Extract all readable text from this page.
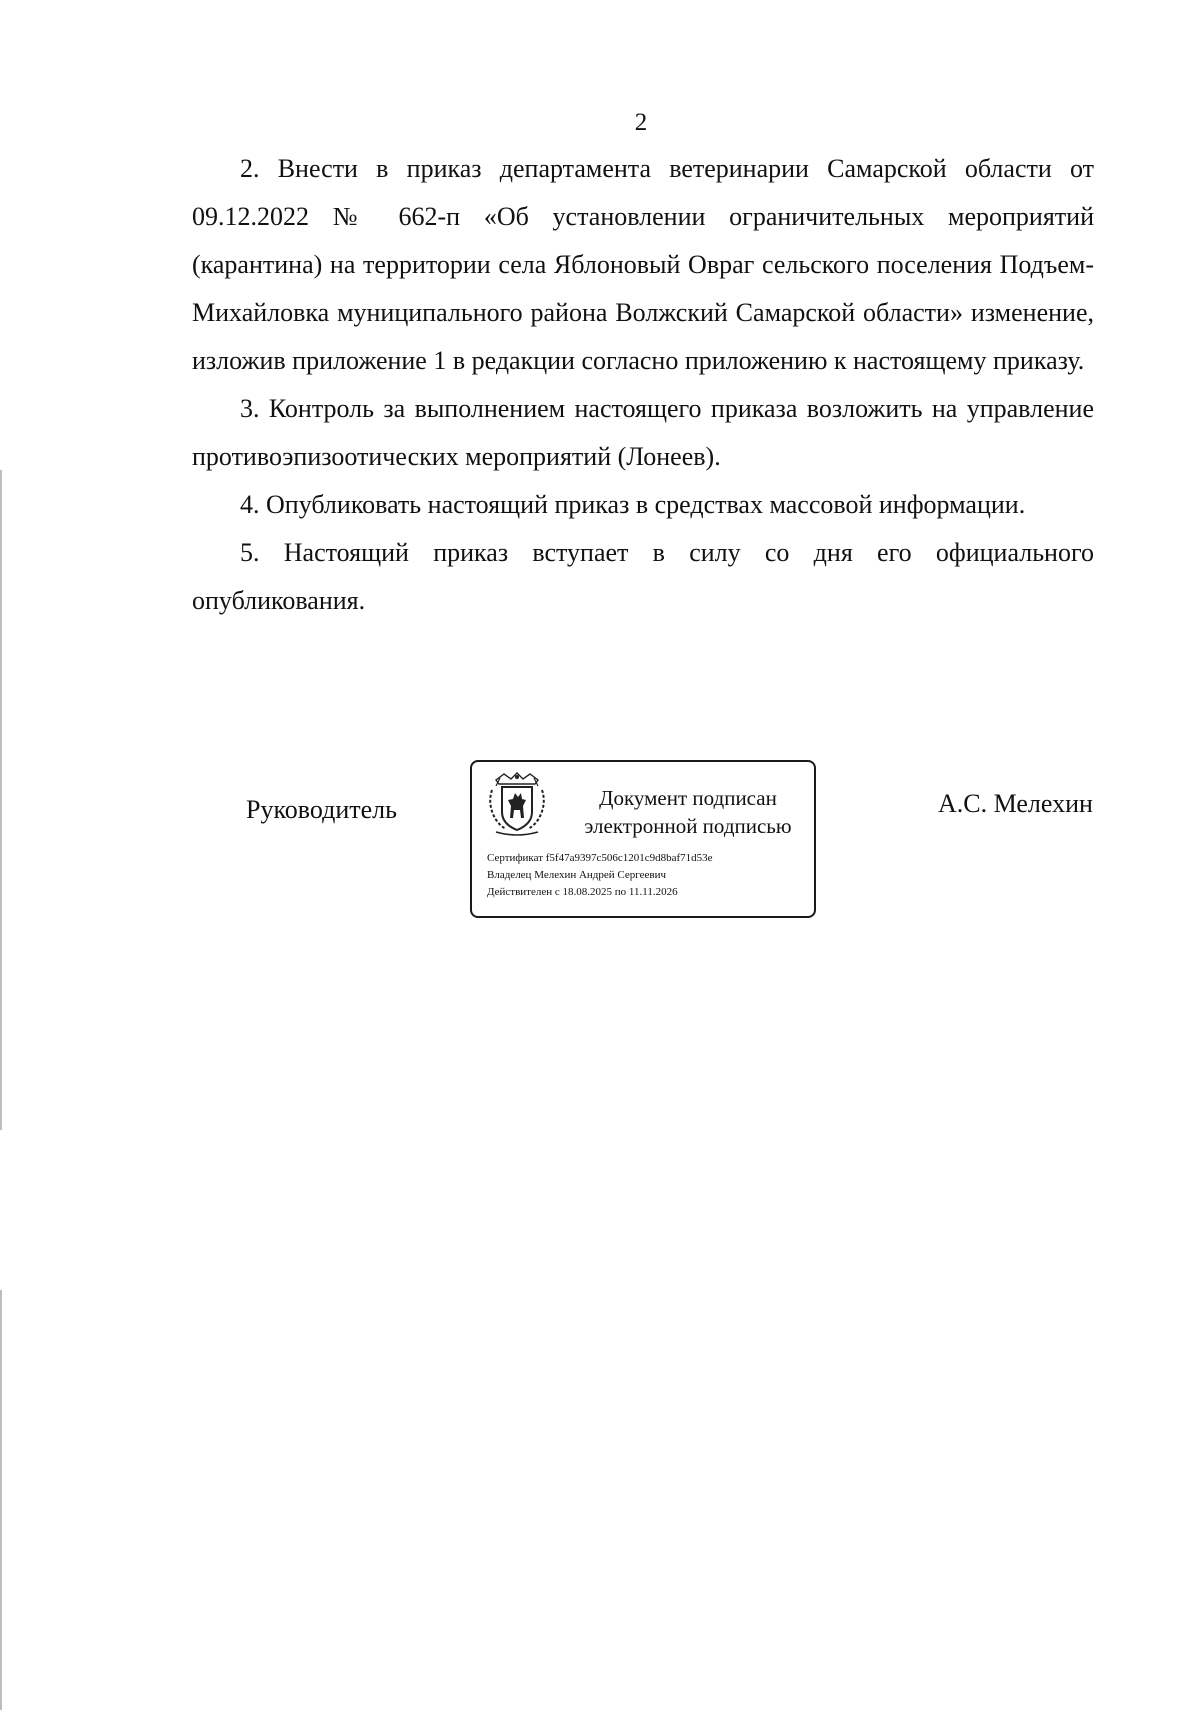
2

2. Внести в приказ департамента ветеринарии Самарской области от 09.12.2022 № 662-п «Об установлении ограничительных мероприятий (карантина) на территории села Яблоновый Овраг сельского поселения Подъем-Михайловка муниципального района Волжский Самарской области» изменение, изложив приложение 1 в редакции согласно приложению к настоящему приказу.

3. Контроль за выполнением настоящего приказа возложить на управление противоэпизоотических мероприятий (Лонеев).

4. Опубликовать настоящий приказ в средствах массовой информации.

5. Настоящий приказ вступает в силу со дня его официального опубликования.

Руководитель	Документ подписан
электронной подписью
Сертификат f5f47a9397c506c1201c9d8baf71d53e
Владелец Мелехин Андрей Сергеевич
Действителен с 18.08.2025 по 11.11.2026
А.С. Мелехин
